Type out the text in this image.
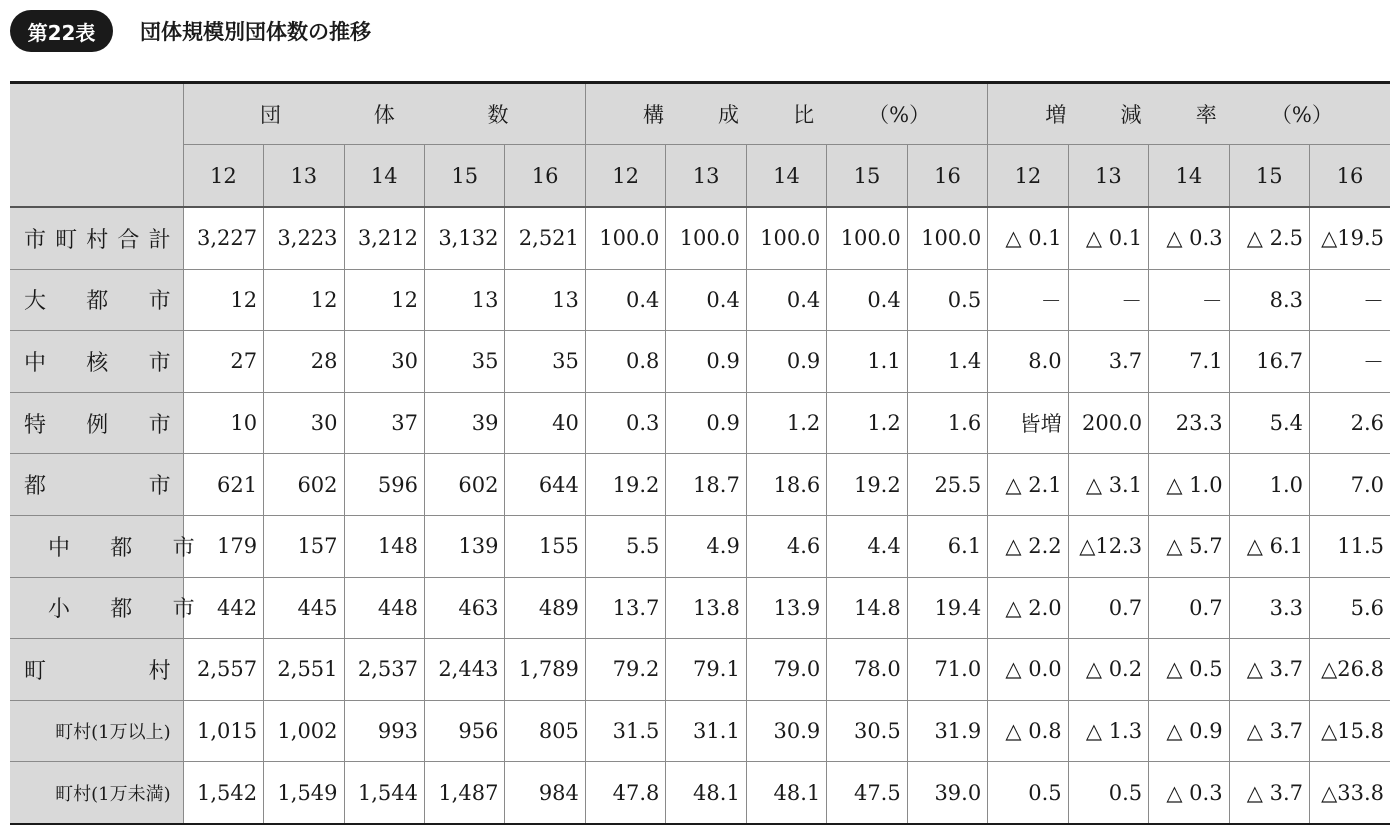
第22表	団体規模別団体数の推移

	団 体 数					構 成 比 （%）					増 減 率 （%）				

	12	13	14	15	16	12	13	14	15	16	12	13	14	15	16

市 町 村 合 計	3,227	3,223	3,212	3,132	2,521	100.0	100.0	100.0	100.0	100.0	△ 0.1	△ 0.1	△ 0.3	△ 2.5	△19.5

大 都 市	12	12	12	13	13	0.4	0.4	0.4	0.4	0.5	－	－	－	8.3	－

中 核 市	27	28	30	35	35	0.8	0.9	0.9	1.1	1.4	8.0	3.7	7.1	16.7	－

特 例 市	10	30	37	39	40	0.3	0.9	1.2	1.2	1.6	皆増	200.0	23.3	5.4	2.6

都 市	621	602	596	602	644	19.2	18.7	18.6	19.2	25.5	△ 2.1	△ 3.1	△ 1.0	1.0	7.0

中 都 市	179	157	148	139	155	5.5	4.9	4.6	4.4	6.1	△ 2.2	△12.3	△ 5.7	△ 6.1	11.5

小 都 市	442	445	448	463	489	13.7	13.8	13.9	14.8	19.4	△ 2.0	0.7	0.7	3.3	5.6

町 村	2,557	2,551	2,537	2,443	1,789	79.2	79.1	79.0	78.0	71.0	△ 0.0	△ 0.2	△ 0.5	△ 3.7	△26.8

町村(1万以上)	1,015	1,002	993	956	805	31.5	31.1	30.9	30.5	31.9	△ 0.8	△ 1.3	△ 0.9	△ 3.7	△15.8

町村(1万未満)	1,542	1,549	1,544	1,487	984	47.8	48.1	48.1	47.5	39.0	0.5	0.5	△ 0.3	△ 3.7	△33.8
